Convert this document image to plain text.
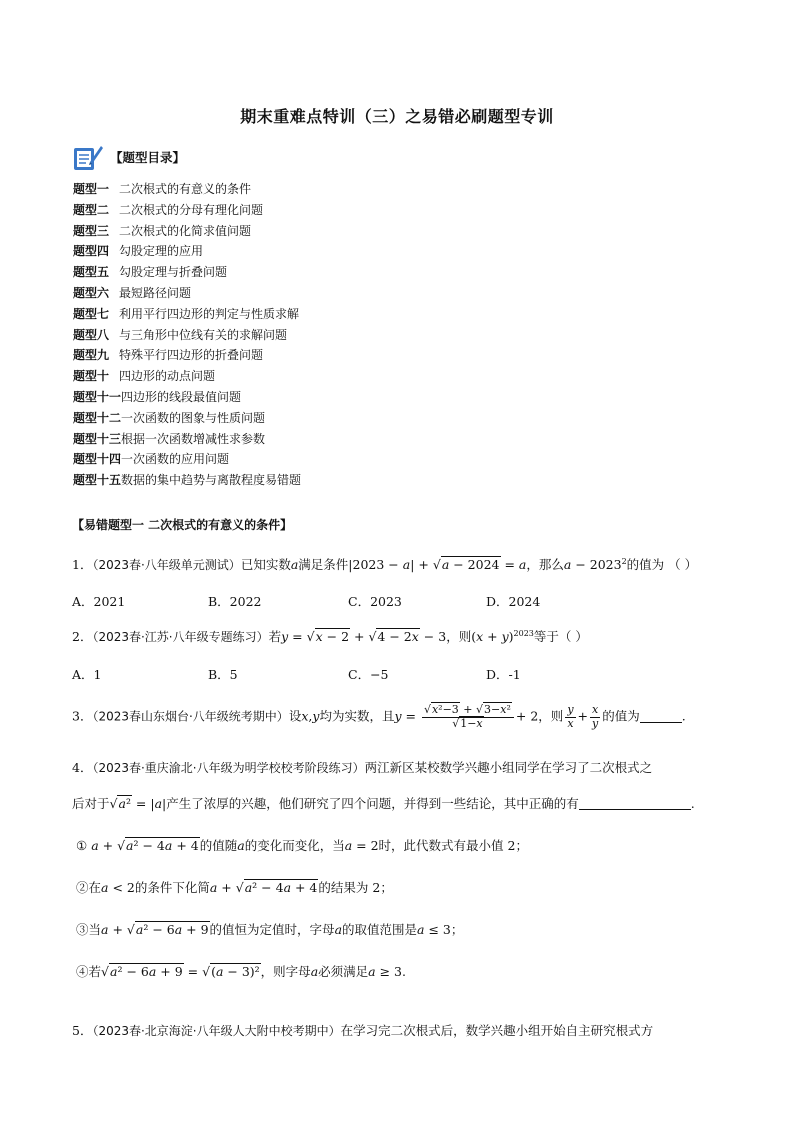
期末重难点特训（三）之易错必刷题型专训
【题型目录】
题型一 二次根式的有意义的条件
题型二 二次根式的分母有理化问题
题型三 二次根式的化简求值问题
题型四 勾股定理的应用
题型五 勾股定理与折叠问题
题型六 最短路径问题
题型七 利用平行四边形的判定与性质求解
题型八 与三角形中位线有关的求解问题
题型九 特殊平行四边形的折叠问题
题型十 四边形的动点问题
题型十一四边形的线段最值问题
题型十二一次函数的图象与性质问题
题型十三根据一次函数增减性求参数
题型十四一次函数的应用问题
题型十五数据的集中趋势与离散程度易错题
【易错题型一 二次根式的有意义的条件】
1．（2023春·八年级单元测试）已知实数a满足条件|2023 − a| + √a − 2024 = a，那么$a - 2023^2$的值为 （ ）
A．2021	B．2022	C．2023	D．2024
2．（2023春·江苏·八年级专题练习）若y = √x − 2 + √4 − 2x − 3，则$(x + y)^{2023}$等于（ ）
A．1	B．5	C．−5	D．-1
3．（2023春山东烟台·八年级统考期中）设x,y均为实数，且$y = \frac{\text{√x²−3 + √3−x²}}{√1-x} + 2$，则 $\frac{y}{x} + \frac{x}{y}$ 的值为	.
4．（2023春·重庆渝北·八年级为明学校校考阶段练习）两江新区某校数学兴趣小组同学在学习了二次根式之
后对于√a² = |a|产生了浓厚的兴趣，他们研究了四个问题，并得到一些结论，其中正确的有	.
① a + √a² − 4a + 4的值随a的变化而变化，当a = 2时，此代数式有最小值 2；
②在a < 2的条件下化简a + √a² − 4a + 4的结果为 2；
③当a + √a² − 6a + 9的值恒为定值时，字母a的取值范围是a ≤ 3；
④若√a² − 6a + 9 = √(a − 3)²，则字母a必须满足a ≥ 3.
5．（2023春·北京海淀·八年级人大附中校考期中）在学习完二次根式后，数学兴趣小组开始自主研究根式方
